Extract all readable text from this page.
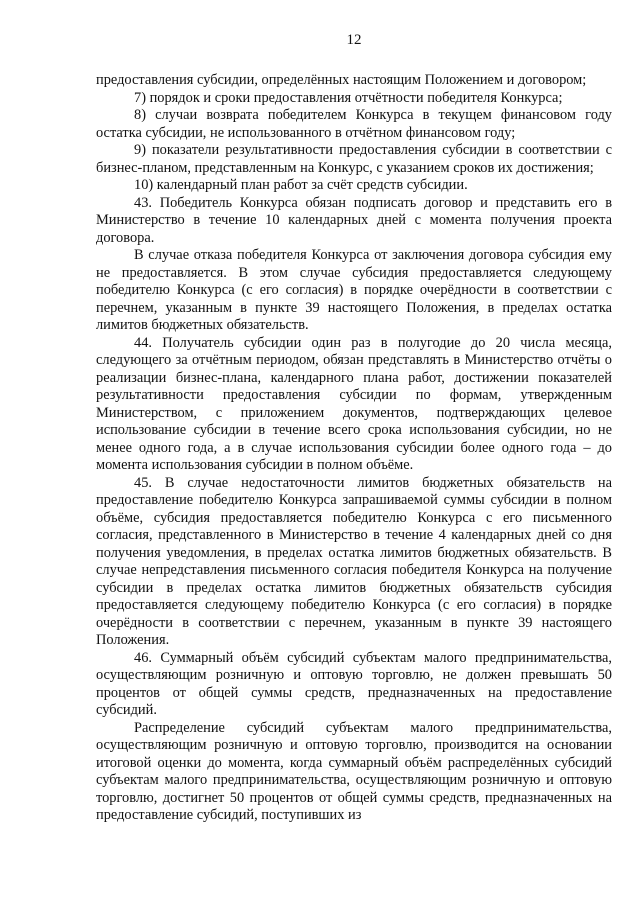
12

предоставления субсидии, определённых настоящим Положением и договором;

7) порядок и сроки предоставления отчётности победителя Конкурса;

8) случаи возврата победителем Конкурса в текущем финансовом году остатка субсидии, не использованного в отчётном финансовом году;

9) показатели результативности предоставления субсидии в соответствии с бизнес-планом, представленным на Конкурс, с указанием сроков их достижения;

10) календарный план работ за счёт средств субсидии.

43. Победитель Конкурса обязан подписать договор и представить его в Министерство в течение 10 календарных дней с момента получения проекта договора.

В случае отказа победителя Конкурса от заключения договора субсидия ему не предоставляется. В этом случае субсидия предоставляется следующему победителю Конкурса (с его согласия) в порядке очерёдности в соответствии с перечнем, указанным в пункте 39 настоящего Положения, в пределах остатка лимитов бюджетных обязательств.

44. Получатель субсидии один раз в полугодие до 20 числа месяца, следующего за отчётным периодом, обязан представлять в Министерство отчёты о реализации бизнес-плана, календарного плана работ, достижении показателей результативности предоставления субсидии по формам, утвержденным Министерством, с приложением документов, подтверждающих целевое использование субсидии в течение всего срока использования субсидии, но не менее одного года, а в случае использования субсидии более одного года – до момента использования субсидии в полном объёме.

45. В случае недостаточности лимитов бюджетных обязательств на предоставление победителю Конкурса запрашиваемой суммы субсидии в полном объёме, субсидия предоставляется победителю Конкурса с его письменного согласия, представленного в Министерство в течение 4 календарных дней со дня получения уведомления, в пределах остатка лимитов бюджетных обязательств. В случае непредставления письменного согласия победителя Конкурса на получение субсидии в пределах остатка лимитов бюджетных обязательств субсидия предоставляется следующему победителю Конкурса (с его согласия) в порядке очерёдности в соответствии с перечнем, указанным в пункте 39 настоящего Положения.

46. Суммарный объём субсидий субъектам малого предпринимательства, осуществляющим розничную и оптовую торговлю, не должен превышать 50 процентов от общей суммы средств, предназначенных на предоставление субсидий.

Распределение субсидий субъектам малого предпринимательства, осуществляющим розничную и оптовую торговлю, производится на основании итоговой оценки до момента, когда суммарный объём распределённых субсидий субъектам малого предпринимательства, осуществляющим розничную и оптовую торговлю, достигнет 50 процентов от общей суммы средств, предназначенных на предоставление субсидий, поступивших из
